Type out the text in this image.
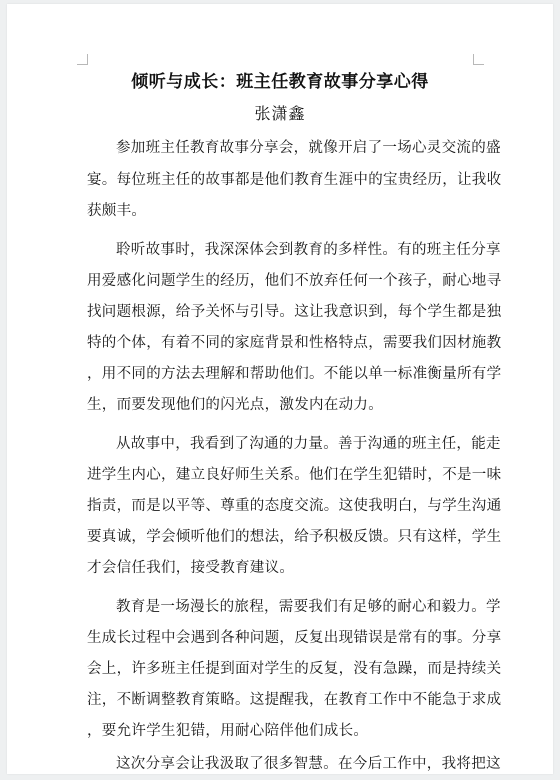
倾听与成长：班主任教育故事分享心得
张潇鑫
参加班主任教育故事分享会，就像开启了一场心灵交流的盛
宴。每位班主任的故事都是他们教育生涯中的宝贵经历，让我收
获颇丰。
聆听故事时，我深深体会到教育的多样性。有的班主任分享
用爱感化问题学生的经历，他们不放弃任何一个孩子，耐心地寻
找问题根源，给予关怀与引导。这让我意识到，每个学生都是独
特的个体，有着不同的家庭背景和性格特点，需要我们因材施教
，用不同的方法去理解和帮助他们。不能以单一标准衡量所有学
生，而要发现他们的闪光点，激发内在动力。
从故事中，我看到了沟通的力量。善于沟通的班主任，能走
进学生内心，建立良好师生关系。他们在学生犯错时，不是一味
指责，而是以平等、尊重的态度交流。这使我明白，与学生沟通
要真诚，学会倾听他们的想法，给予积极反馈。只有这样，学生
才会信任我们，接受教育建议。
教育是一场漫长的旅程，需要我们有足够的耐心和毅力。学
生成长过程中会遇到各种问题，反复出现错误是常有的事。分享
会上，许多班主任提到面对学生的反复，没有急躁，而是持续关
注，不断调整教育策略。这提醒我，在教育工作中不能急于求成
，要允许学生犯错，用耐心陪伴他们成长。
这次分享会让我汲取了很多智慧。在今后工作中，我将把这
